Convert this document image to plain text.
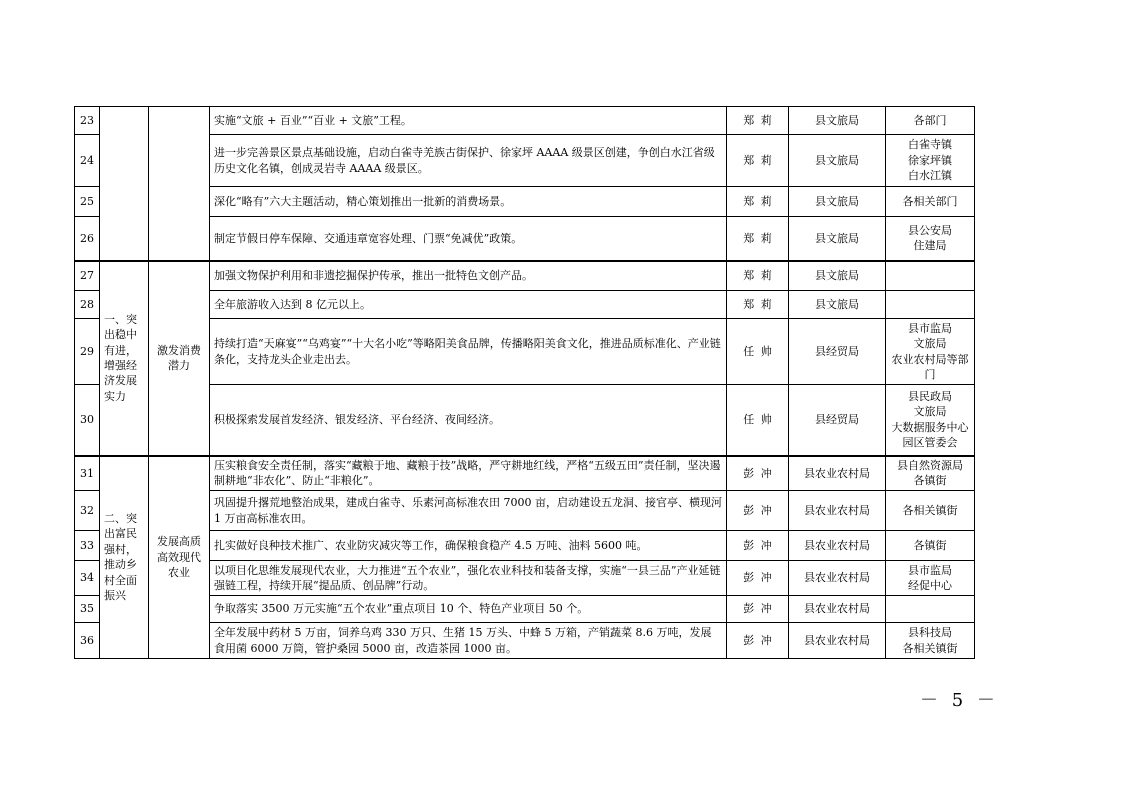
23			实施“文旅 + 百业”“百业 + 文旅”工程。	郑莉	县文旅局	各部门

24			进一步完善景区景点基础设施，启动白雀寺羌族古街保护、徐家坪 AAAA 级景区创建，争创白水江省级历史文化名镇，创成灵岩寺 AAAA 级景区。	郑莉	县文旅局	白雀寺镇
徐家坪镇
白水江镇

25			深化“略有”六大主题活动，精心策划推出一批新的消费场景。	郑莉	县文旅局	各相关部门

26			制定节假日停车保障、交通违章宽容处理、门票“免减优”政策。	郑莉	县文旅局	县公安局
住建局

27	一、突出稳中有进，增强经济发展实力	激发消费潜力	加强文物保护利用和非遗挖掘保护传承，推出一批特色文创产品。	郑莉	县文旅局	
28			全年旅游收入达到 8 亿元以上。	郑莉	县文旅局	
29			持续打造“天麻宴”“乌鸡宴”“十大名小吃”等略阳美食品牌，传播略阳美食文化，推进品质标准化、产业链条化，支持龙头企业走出去。	任帅	县经贸局	县市监局
文旅局
农业农村局等部门

30			积极探索发展首发经济、银发经济、平台经济、夜间经济。	任帅	县经贸局	县民政局
文旅局
大数据服务中心
园区管委会

31	二、突出富民强村，推动乡村全面振兴	发展高质高效现代农业	压实粮食安全责任制，落实“藏粮于地、藏粮于技”战略，严守耕地红线，严格“五级五田”责任制，坚决遏制耕地“非农化”、防止“非粮化”。	彭冲	县农业农村局	县自然资源局
各镇街

32			巩固提升撂荒地整治成果，建成白雀寺、乐素河高标准农田 7000 亩，启动建设五龙洞、接官亭、横现河 1 万亩高标准农田。	彭冲	县农业农村局	各相关镇街

33			扎实做好良种技术推广、农业防灾减灾等工作，确保粮食稳产 4.5 万吨、油料 5600 吨。	彭冲	县农业农村局	各镇街

34			以项目化思维发展现代农业，大力推进“五个农业”，强化农业科技和装备支撑，实施“一县三品”产业延链强链工程，持续开展“提品质、创品牌”行动。	彭冲	县农业农村局	县市监局
经促中心

35			争取落实 3500 万元实施“五个农业”重点项目 10 个、特色产业项目 50 个。	彭冲	县农业农村局	
36			全年发展中药材 5 万亩，饲养乌鸡 330 万只、生猪 15 万头、中蜂 5 万箱，产销蔬菜 8.6 万吨，发展食用菌 6000 万筒，管护桑园 5000 亩，改造茶园 1000 亩。	彭冲	县农业农村局	县科技局
各相关镇街
－ 5 －
